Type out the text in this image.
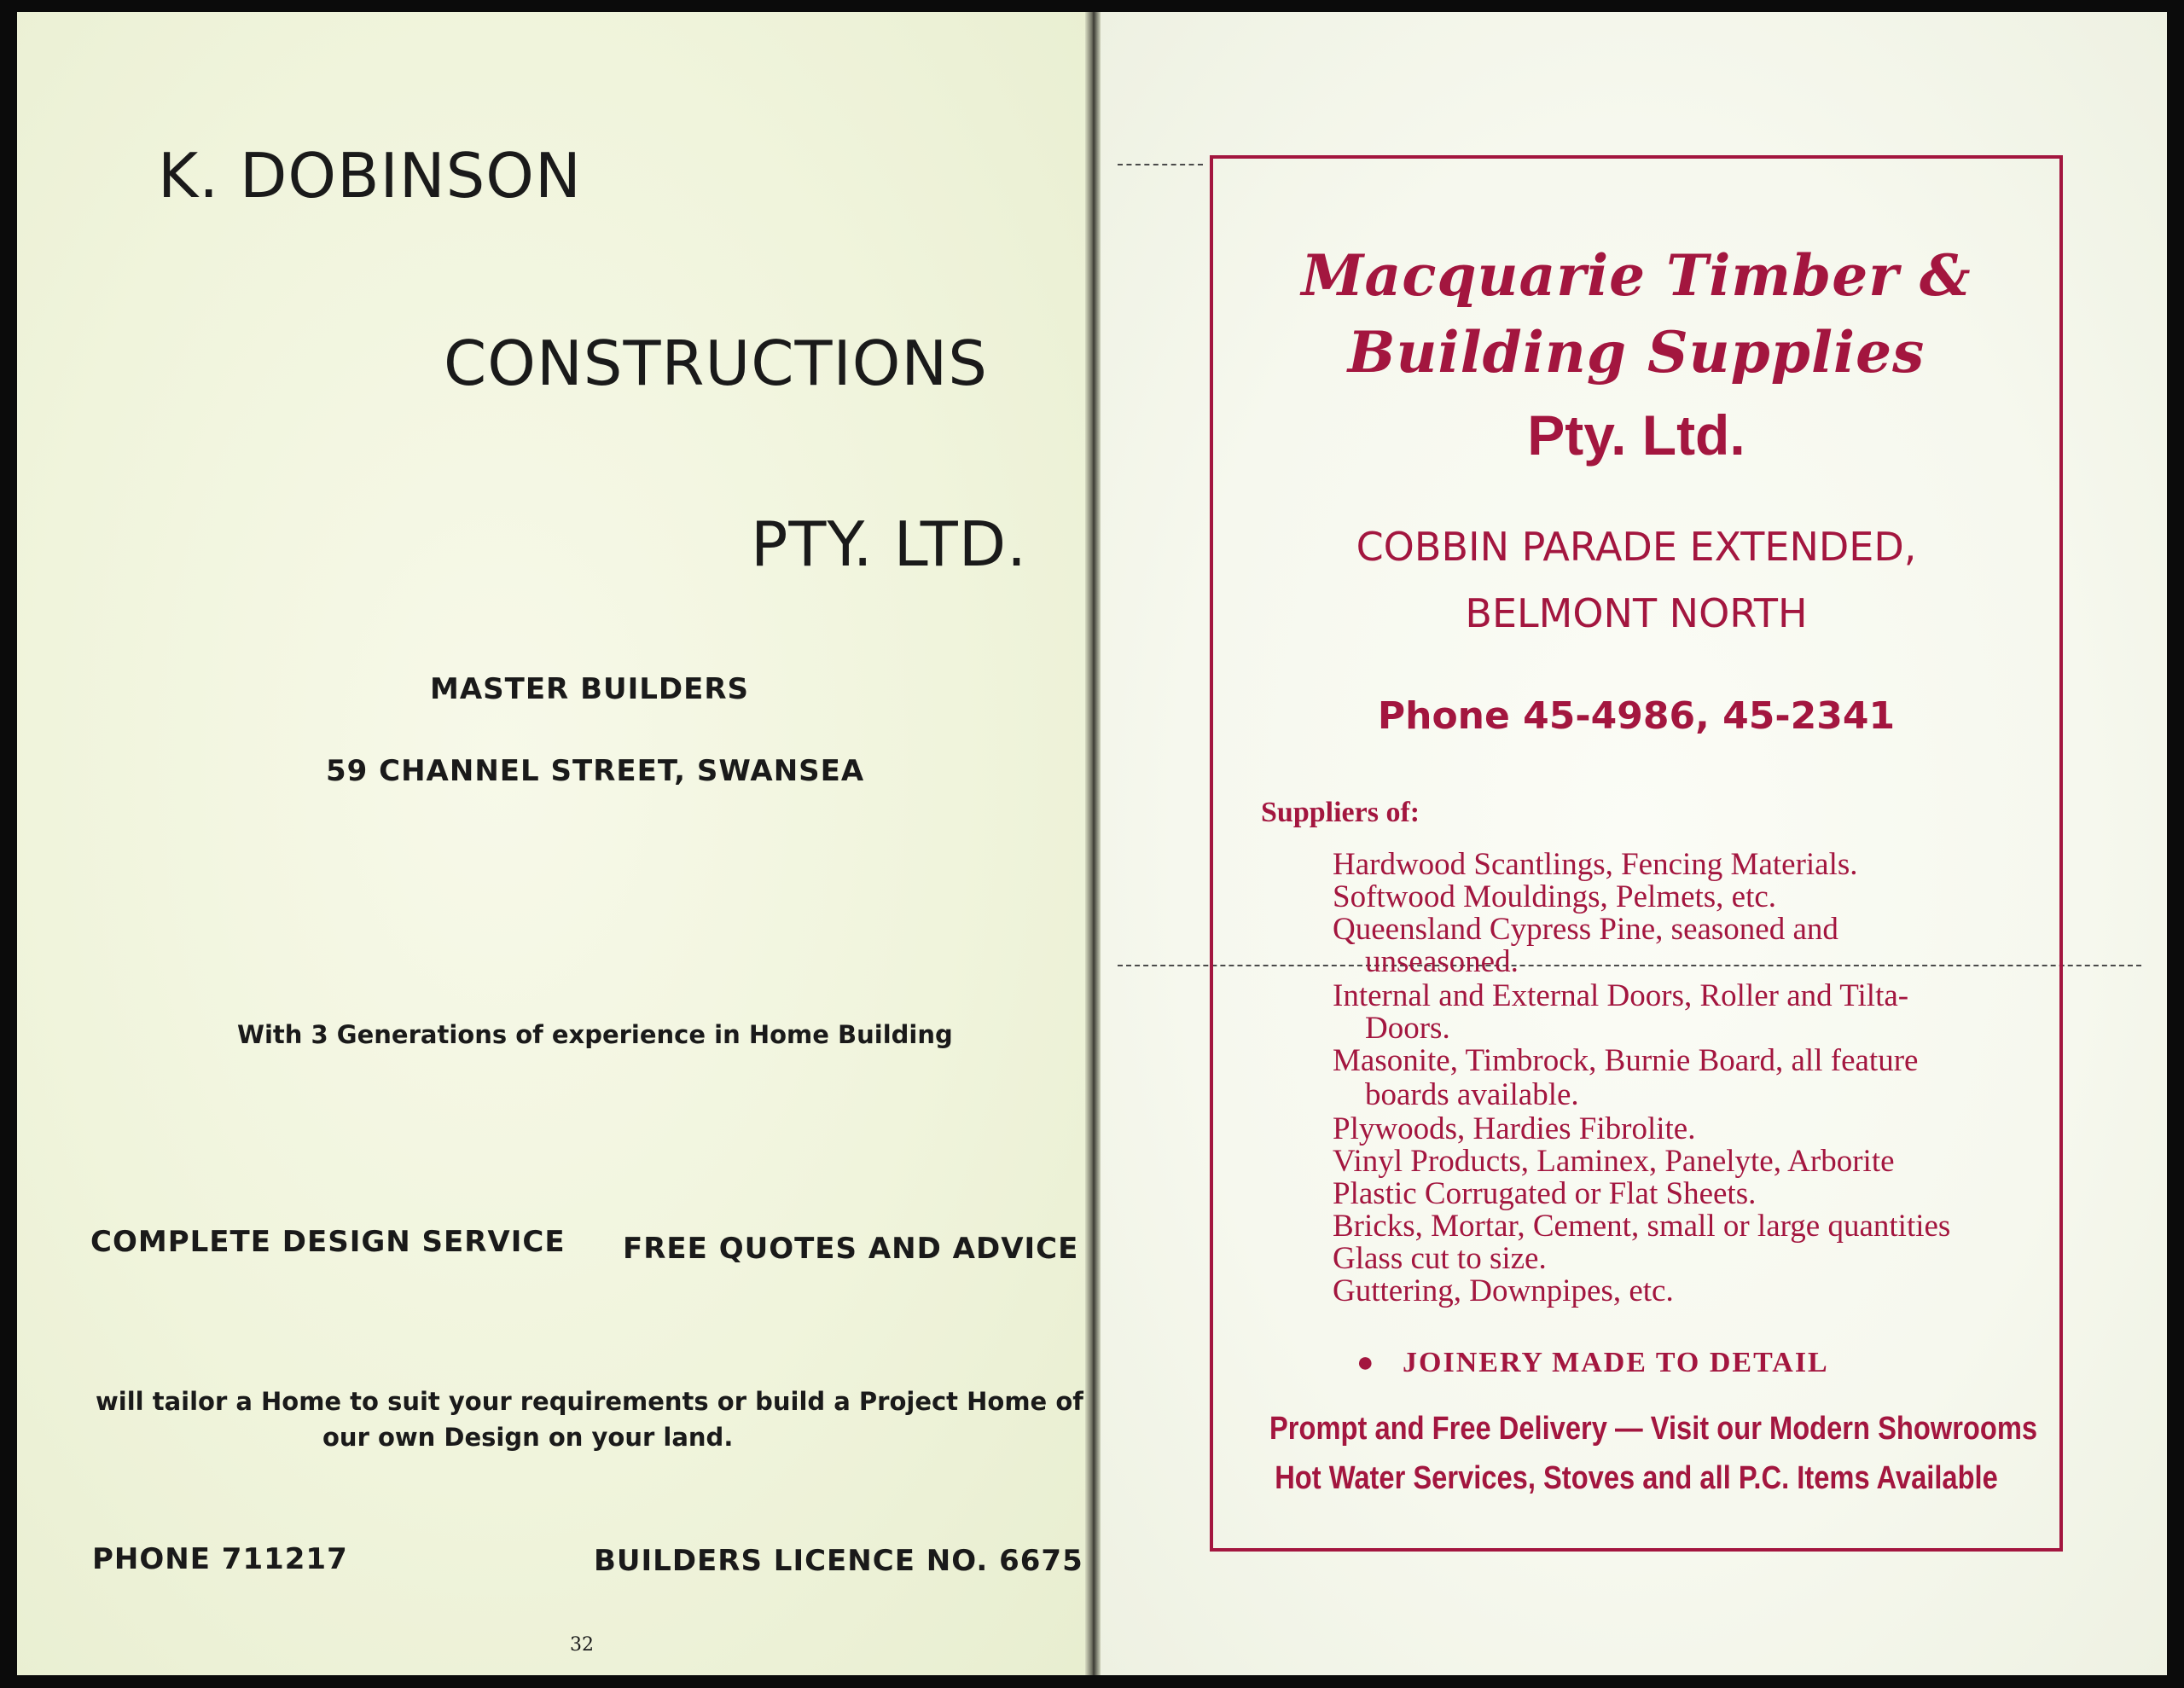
K. DOBINSON
CONSTRUCTIONS
PTY. LTD.
MASTER BUILDERS
59 CHANNEL STREET, SWANSEA
With 3 Generations of experience in Home Building
COMPLETE DESIGN SERVICE FREE QUOTES AND ADVICE
will tailor a Home to suit your requirements or build a Project Home of
our own Design on your land.
PHONE 711217	BUILDERS LICENCE NO. 6675
32
Macquarie Timber &
Building Supplies
Pty. Ltd.
COBBIN PARADE EXTENDED,
BELMONT NORTH
Phone 45-4986, 45-2341
Suppliers of:
Hardwood Scantlings, Fencing Materials.
Softwood Mouldings, Pelmets, etc.
Queensland Cypress Pine, seasoned and
unseasoned.
Internal and External Doors, Roller and Tilta-
Doors.
Masonite, Timbrock, Burnie Board, all feature
boards available.
Plywoods, Hardies Fibrolite.
Vinyl Products, Laminex, Panelyte, Arborite
Plastic Corrugated or Flat Sheets.
Bricks, Mortar, Cement, small or large quantities
Glass cut to size.
Guttering, Downpipes, etc.
● JOINERY MADE TO DETAIL
Prompt and Free Delivery — Visit our Modern Showrooms
Hot Water Services, Stoves and all P.C. Items Available
